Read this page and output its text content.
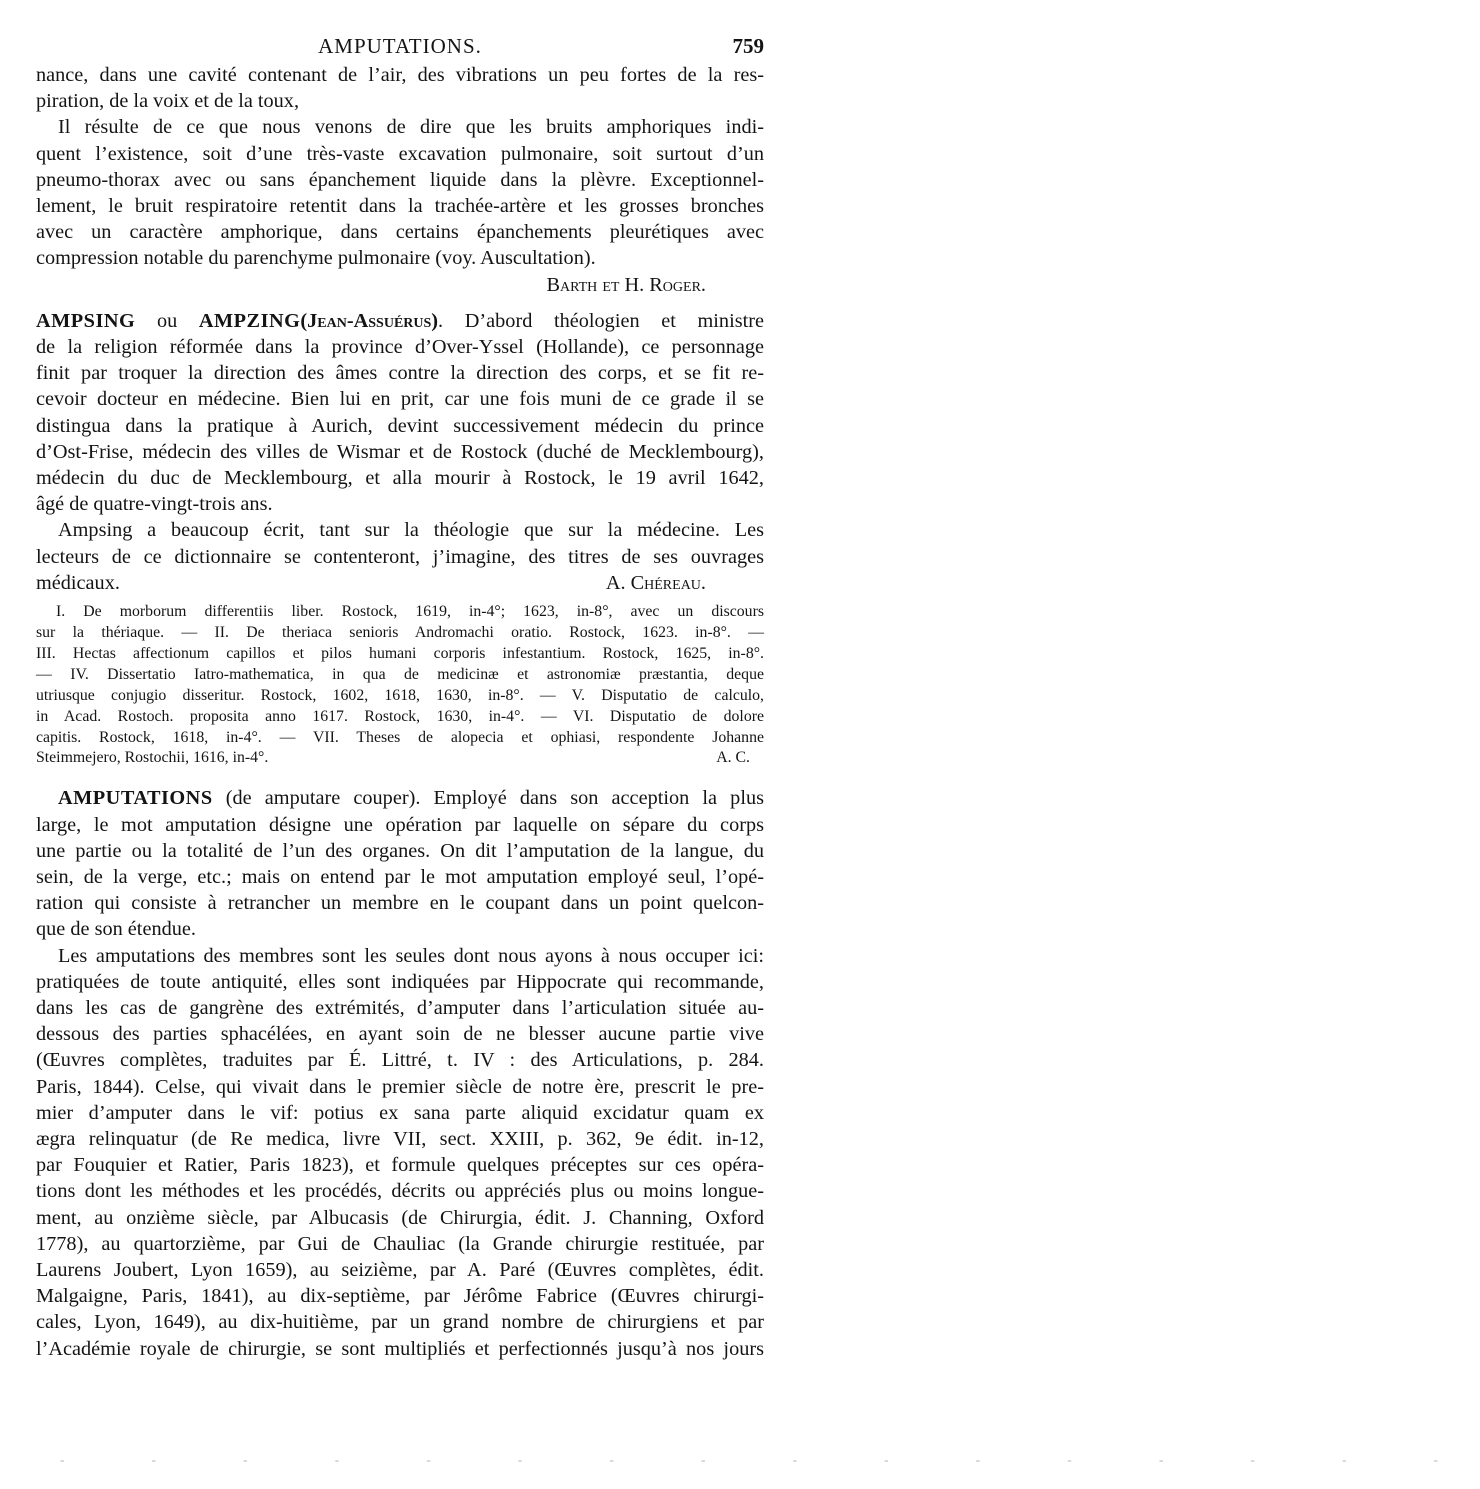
AMPUTATIONS.	759

nance, dans une cavité contenant de l’air, des vibrations un peu fortes de la res-

piration, de la voix et de la toux,

Il résulte de ce que nous venons de dire que les bruits amphoriques indi-

quent l’existence, soit d’une très-vaste excavation pulmonaire, soit surtout d’un

pneumo-thorax avec ou sans épanchement liquide dans la plèvre. Exceptionnel-

lement, le bruit respiratoire retentit dans la trachée-artère et les grosses bronches

avec un caractère amphorique, dans certains épanchements pleurétiques avec

compression notable du parenchyme pulmonaire (voy. Auscultation).

Barth et H. Roger.

AMPSING ou AMPZING(Jean-Assuérus). D’abord théologien et ministre

de la religion réformée dans la province d’Over-Yssel (Hollande), ce personnage

finit par troquer la direction des âmes contre la direction des corps, et se fit re-

cevoir docteur en médecine. Bien lui en prit, car une fois muni de ce grade il se

distingua dans la pratique à Aurich, devint successivement médecin du prince

d’Ost-Frise, médecin des villes de Wismar et de Rostock (duché de Mecklembourg),

médecin du duc de Mecklembourg, et alla mourir à Rostock, le 19 avril 1642,

âgé de quatre-vingt-trois ans.

Ampsing a beaucoup écrit, tant sur la théologie que sur la médecine. Les

lecteurs de ce dictionnaire se contenteront, j’imagine, des titres de ses ouvrages

médicaux.	A. Chéreau.

I. De morborum differentiis liber. Rostock, 1619, in-4°; 1623, in-8°, avec un discours

sur la thériaque. — II. De theriaca senioris Andromachi oratio. Rostock, 1623. in-8°. —

III. Hectas affectionum capillos et pilos humani corporis infestantium. Rostock, 1625, in-8°.

— IV. Dissertatio Iatro-mathematica, in qua de medicinæ et astronomiæ præstantia, deque

utriusque conjugio disseritur. Rostock, 1602, 1618, 1630, in-8°. — V. Disputatio de calculo,

in Acad. Rostoch. proposita anno 1617. Rostock, 1630, in-4°. — VI. Disputatio de dolore

capitis. Rostock, 1618, in-4°. — VII. Theses de alopecia et ophiasi, respondente Johanne

Steimmejero, Rostochii, 1616, in-4°.	A. C.

AMPUTATIONS (de amputare couper). Employé dans son acception la plus

large, le mot amputation désigne une opération par laquelle on sépare du corps

une partie ou la totalité de l’un des organes. On dit l’amputation de la langue, du

sein, de la verge, etc.; mais on entend par le mot amputation employé seul, l’opé-

ration qui consiste à retrancher un membre en le coupant dans un point quelcon-

que de son étendue.

Les amputations des membres sont les seules dont nous ayons à nous occuper ici:

pratiquées de toute antiquité, elles sont indiquées par Hippocrate qui recommande,

dans les cas de gangrène des extrémités, d’amputer dans l’articulation située au-

dessous des parties sphacélées, en ayant soin de ne blesser aucune partie vive

(Œuvres complètes, traduites par É. Littré, t. IV : des Articulations, p. 284.

Paris, 1844). Celse, qui vivait dans le premier siècle de notre ère, prescrit le pre-

mier d’amputer dans le vif: potius ex sana parte aliquid excidatur quam ex

ægra relinquatur (de Re medica, livre VII, sect. XXIII, p. 362, 9e édit. in-12,

par Fouquier et Ratier, Paris 1823), et formule quelques préceptes sur ces opéra-

tions dont les méthodes et les procédés, décrits ou appréciés plus ou moins longue-

ment, au onzième siècle, par Albucasis (de Chirurgia, édit. J. Channing, Oxford

1778), au quartorzième, par Gui de Chauliac (la Grande chirurgie restituée, par

Laurens Joubert, Lyon 1659), au seizième, par A. Paré (Œuvres complètes, édit.

Malgaigne, Paris, 1841), au dix-septième, par Jérôme Fabrice (Œuvres chirurgi-

cales, Lyon, 1649), au dix-huitième, par un grand nombre de chirurgiens et par

l’Académie royale de chirurgie, se sont multipliés et perfectionnés jusqu’à nos jours

- - - - - - - - - - - - - - - -
